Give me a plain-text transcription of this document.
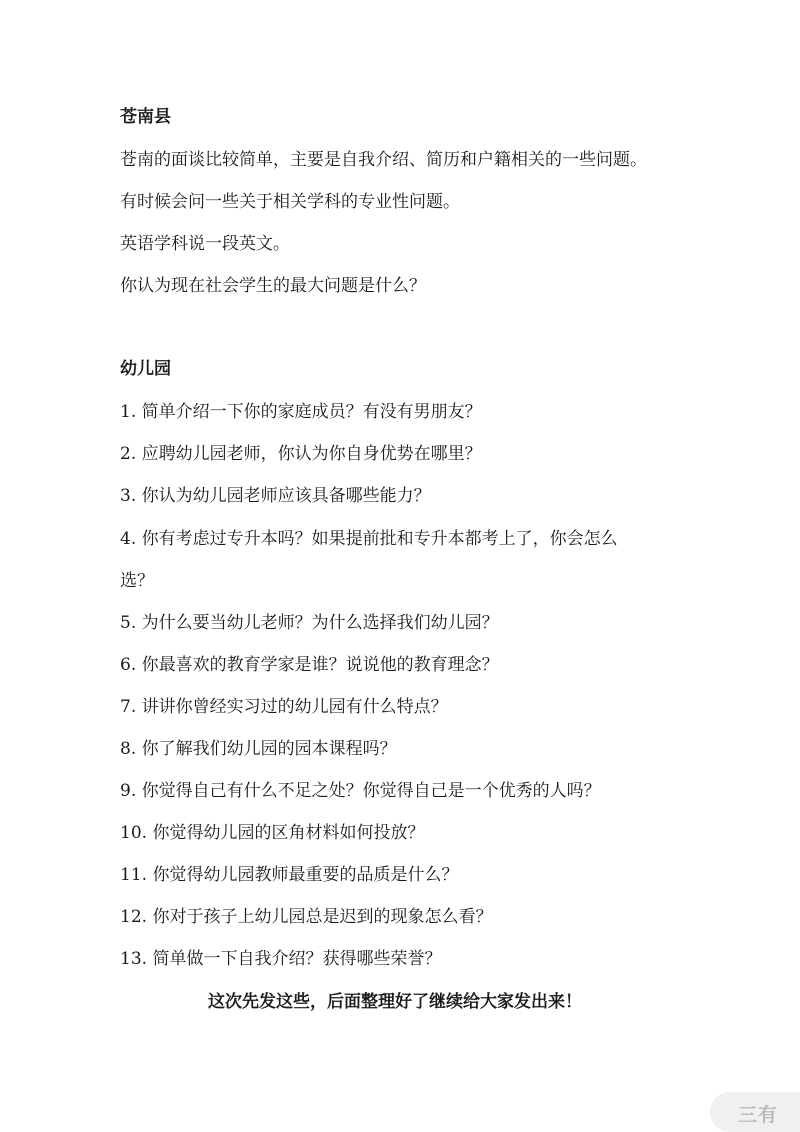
苍南县

苍南的面谈比较简单，主要是自我介绍、简历和户籍相关的一些问题。

有时候会问一些关于相关学科的专业性问题。

英语学科说一段英文。

你认为现在社会学生的最大问题是什么？

幼儿园

1. 简单介绍一下你的家庭成员？有没有男朋友？

2. 应聘幼儿园老师，你认为你自身优势在哪里？

3. 你认为幼儿园老师应该具备哪些能力？

4. 你有考虑过专升本吗？如果提前批和专升本都考上了，你会怎么

选？

5. 为什么要当幼儿老师？为什么选择我们幼儿园？

6. 你最喜欢的教育学家是谁？说说他的教育理念？

7. 讲讲你曾经实习过的幼儿园有什么特点？

8. 你了解我们幼儿园的园本课程吗？

9. 你觉得自己有什么不足之处？你觉得自己是一个优秀的人吗？

10. 你觉得幼儿园的区角材料如何投放？

11. 你觉得幼儿园教师最重要的品质是什么？

12. 你对于孩子上幼儿园总是迟到的现象怎么看？

13. 简单做一下自我介绍？获得哪些荣誉？

这次先发这些，后面整理好了继续给大家发出来！

三有
